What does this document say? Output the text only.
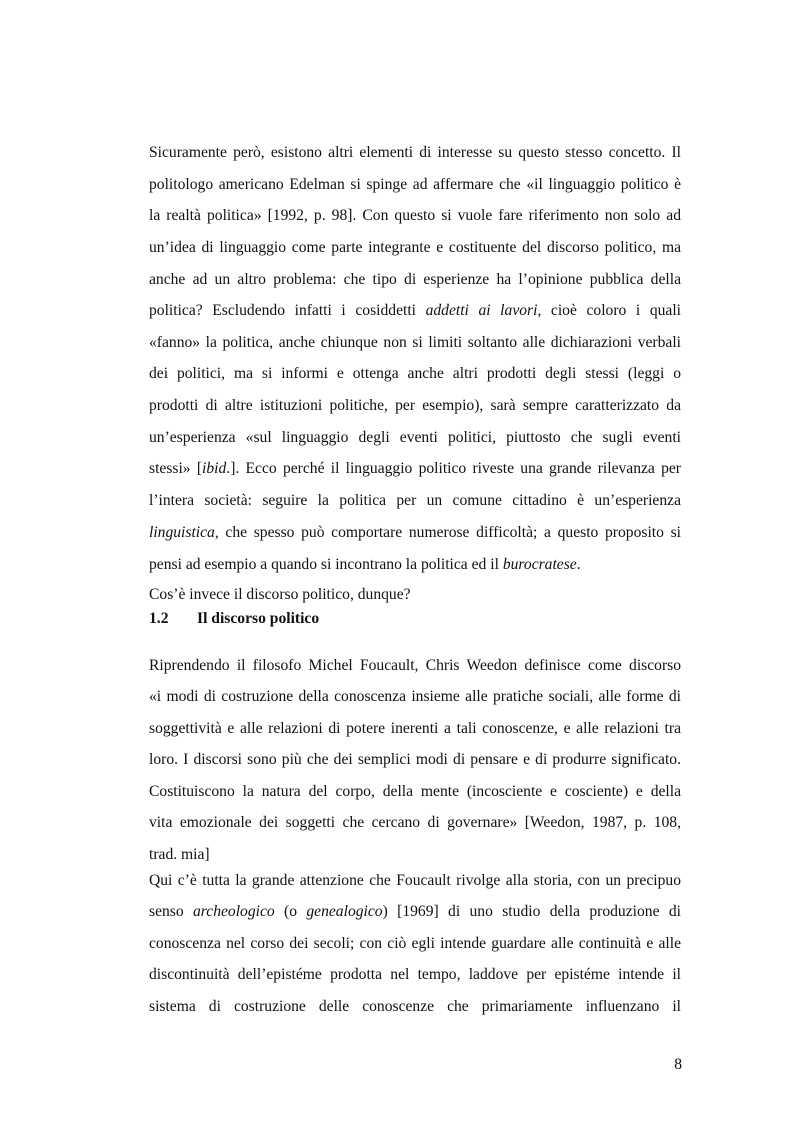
Sicuramente però, esistono altri elementi di interesse su questo stesso concetto. Il
politologo americano Edelman si spinge ad affermare che «il linguaggio politico è
la realtà politica» [1992, p. 98]. Con questo si vuole fare riferimento non solo ad
un’idea di linguaggio come parte integrante e costituente del discorso politico, ma
anche ad un altro problema: che tipo di esperienze ha l’opinione pubblica della
politica? Escludendo infatti i cosiddetti addetti ai lavori, cioè coloro i quali
«fanno» la politica, anche chiunque non si limiti soltanto alle dichiarazioni verbali
dei politici, ma si informi e ottenga anche altri prodotti degli stessi (leggi o
prodotti di altre istituzioni politiche, per esempio), sarà sempre caratterizzato da
un’esperienza «sul linguaggio degli eventi politici, piuttosto che sugli eventi
stessi» [ibid.]. Ecco perché il linguaggio politico riveste una grande rilevanza per
l’intera società: seguire la politica per un comune cittadino è un’esperienza
linguistica, che spesso può comportare numerose difficoltà; a questo proposito si
pensi ad esempio a quando si incontrano la politica ed il burocratese.
Cos’è invece il discorso politico, dunque?
1.2 Il discorso politico
Riprendendo il filosofo Michel Foucault, Chris Weedon definisce come discorso
«i modi di costruzione della conoscenza insieme alle pratiche sociali, alle forme di
soggettività e alle relazioni di potere inerenti a tali conoscenze, e alle relazioni tra
loro. I discorsi sono più che dei semplici modi di pensare e di produrre significato.
Costituiscono la natura del corpo, della mente (incosciente e cosciente) e della
vita emozionale dei soggetti che cercano di governare» [Weedon, 1987, p. 108,
trad. mia]
Qui c’è tutta la grande attenzione che Foucault rivolge alla storia, con un precipuo
senso archeologico (o genealogico) [1969] di uno studio della produzione di
conoscenza nel corso dei secoli; con ciò egli intende guardare alle continuità e alle
discontinuità dell’epistéme prodotta nel tempo, laddove per epistéme intende il
sistema di costruzione delle conoscenze che primariamente influenzano il
8
